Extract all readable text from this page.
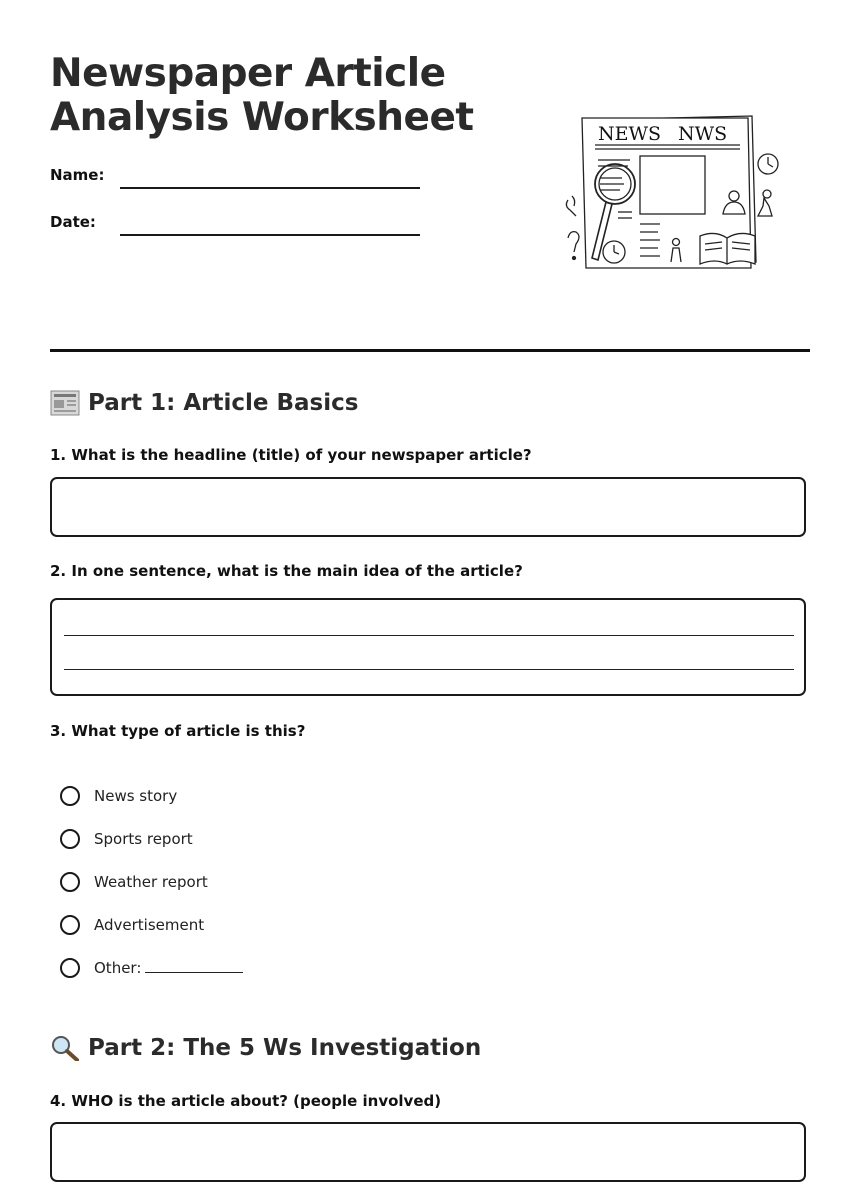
Newspaper Article
Analysis Worksheet
Name:
Date:
NEWS NWS
Part 1: Article Basics
1. What is the headline (title) of your newspaper article?
2. In one sentence, what is the main idea of the article?
3. What type of article is this?
News story
Sports report
Weather report
Advertisement
Other:
Part 2: The 5 Ws Investigation
4. WHO is the article about? (people involved)
